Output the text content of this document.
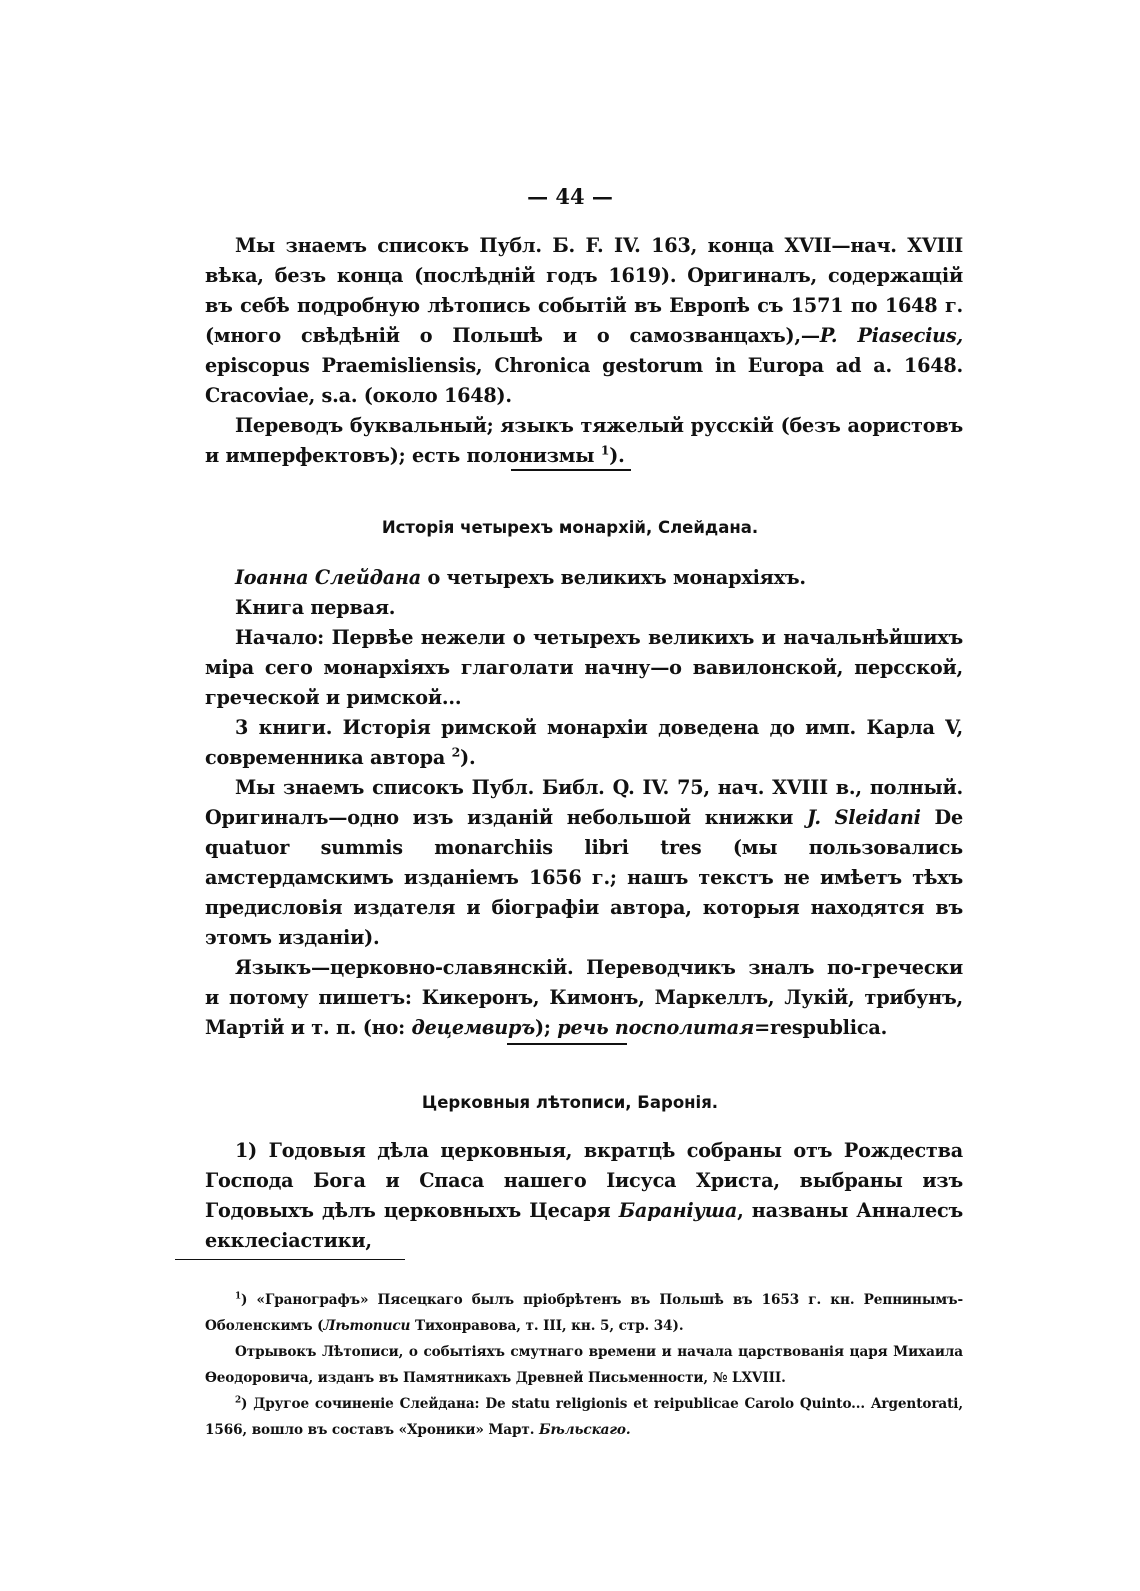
— 44 —

Мы знаемъ списокъ Публ. Б. F. IV. 163, конца XVII—нач. XVIII вѣка, безъ конца (послѣдній годъ 1619). Оригиналъ, содержащій въ себѣ подробную лѣтопись событій въ Европѣ съ 1571 по 1648 г. (много свѣдѣній о Польшѣ и о самозванцахъ),—P. Piasecius, episcopus Praemisliensis, Chronica gestorum in Europa ad a. 1648. Cracoviae, s.a. (около 1648).

Переводъ буквальный; языкъ тяжелый русскій (безъ аористовъ и имперфектовъ); есть полонизмы $^1$).

Исторія четырехъ монархій, Слейдана.

Іоанна Слейдана о четырехъ великихъ монархіяхъ.

Книга первая.

Начало: Первѣе нежели о четырехъ великихъ и начальнѣйшихъ міра сего монархіяхъ глаголати начну—о вавилонской, персской, греческой и римской...

3 книги. Исторія римской монархіи доведена до имп. Карла V, современника автора $^2$).

Мы знаемъ списокъ Публ. Библ. Q. IV. 75, нач. XVIII в., полный. Оригиналъ—одно изъ изданій небольшой книжки J. Sleidani De quatuor summis monarchiis libri tres (мы пользовались амстердамскимъ изданіемъ 1656 г.; нашъ текстъ не имѣетъ тѣхъ предисловія издателя и біографіи автора, которыя находятся въ этомъ изданіи).

Языкъ—церковно-славянскій. Переводчикъ зналъ по-гречески и потому пишетъ: Кикеронъ, Кимонъ, Маркеллъ, Лукій, трибунъ, Мартій и т. п. (но: децемвиръ); речь посполитая=respublica.

Церковныя лѣтописи, Баронія.

1) Годовыя дѣла церковныя, вкратцѣ собраны отъ Рождества Господа Бога и Спаса нашего Іисуса Христа, выбраны изъ Годовыхъ дѣлъ церковныхъ Цесаря Бараніуша, названы Анналесъ екклесіастики,

$^1$) «Гранографъ» Пясецкаго былъ пріобрѣтенъ въ Польшѣ въ 1653 г. кн. Репнинымъ-Оболенскимъ (Лѣтописи Тихонравова, т. III, кн. 5, стр. 34).

Отрывокъ Лѣтописи, о событіяхъ смутнаго времени и начала царствованія царя Михаила Ѳеодоровича, изданъ въ Памятникахъ Древней Письменности, № LXVIII.

$^2$) Другое сочиненіе Слейдана: De statu religionis et reipublicae Carolo Quinto... Argentorati, 1566, вошло въ составъ «Хроники» Март. Бѣльскаго.
